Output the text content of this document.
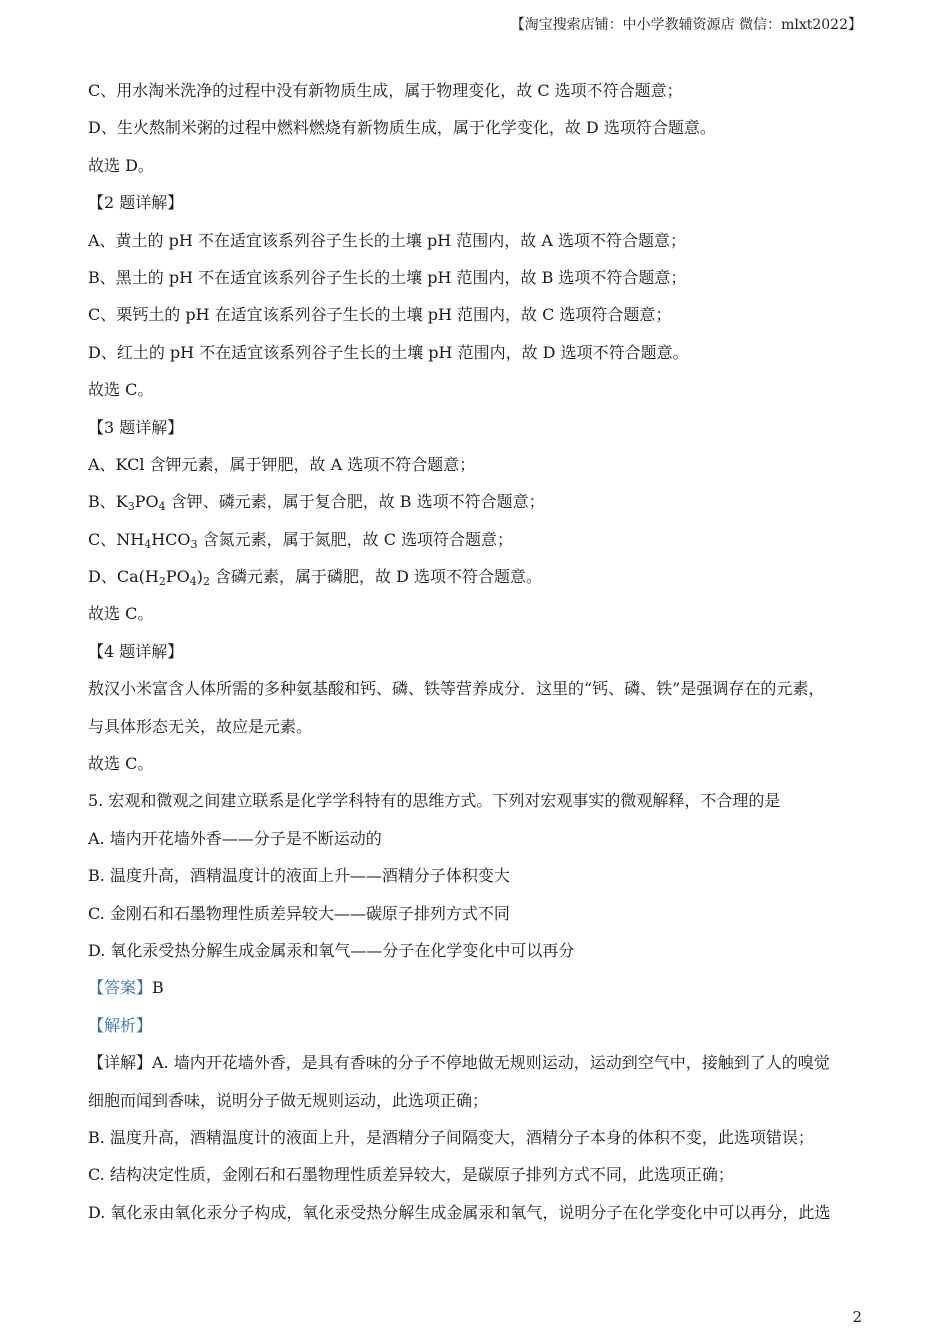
【淘宝搜索店铺：中小学教辅资源店 微信：mlxt2022】
C、用水淘米洗净的过程中没有新物质生成，属于物理变化，故 C 选项不符合题意；
D、生火熬制米粥的过程中燃料燃烧有新物质生成，属于化学变化，故 D 选项符合题意。
故选 D。
【2 题详解】
A、黄土的 pH 不在适宜该系列谷子生长的土壤 pH 范围内，故 A 选项不符合题意；
B、黑土的 pH 不在适宜该系列谷子生长的土壤 pH 范围内，故 B 选项不符合题意；
C、栗钙土的 pH 在适宜该系列谷子生长的土壤 pH 范围内，故 C 选项符合题意；
D、红土的 pH 不在适宜该系列谷子生长的土壤 pH 范围内，故 D 选项不符合题意。
故选 C。
【3 题详解】
A、KCl 含钾元素，属于钾肥，故 A 选项不符合题意；
B、$K_3PO_4$ 含钾、磷元素，属于复合肥，故 B 选项不符合题意；
C、$NH_4HCO_3$ 含氮元素，属于氮肥，故 C 选项符合题意；
D、$Ca(H_2PO_4)_2$ 含磷元素，属于磷肥，故 D 选项不符合题意。
故选 C。
【4 题详解】
敖汉小米富含人体所需的多种氨基酸和钙、磷、铁等营养成分．这里的“钙、磷、铁”是强调存在的元素，
与具体形态无关，故应是元素。
故选 C。
5. 宏观和微观之间建立联系是化学学科特有的思维方式。下列对宏观事实的微观解释，不合理的是
A. 墙内开花墙外香——分子是不断运动的
B. 温度升高，酒精温度计的液面上升——酒精分子体积变大
C. 金刚石和石墨物理性质差异较大——碳原子排列方式不同
D. 氧化汞受热分解生成金属汞和氧气——分子在化学变化中可以再分
【答案】B
【解析】
【详解】A. 墙内开花墙外香，是具有香味的分子不停地做无规则运动，运动到空气中，接触到了人的嗅觉
细胞而闻到香味，说明分子做无规则运动，此选项正确；
B. 温度升高，酒精温度计的液面上升，是酒精分子间隔变大，酒精分子本身的体积不变，此选项错误；
C. 结构决定性质，金刚石和石墨物理性质差异较大，是碳原子排列方式不同，此选项正确；
D. 氧化汞由氧化汞分子构成，氧化汞受热分解生成金属汞和氧气，说明分子在化学变化中可以再分，此选
2
